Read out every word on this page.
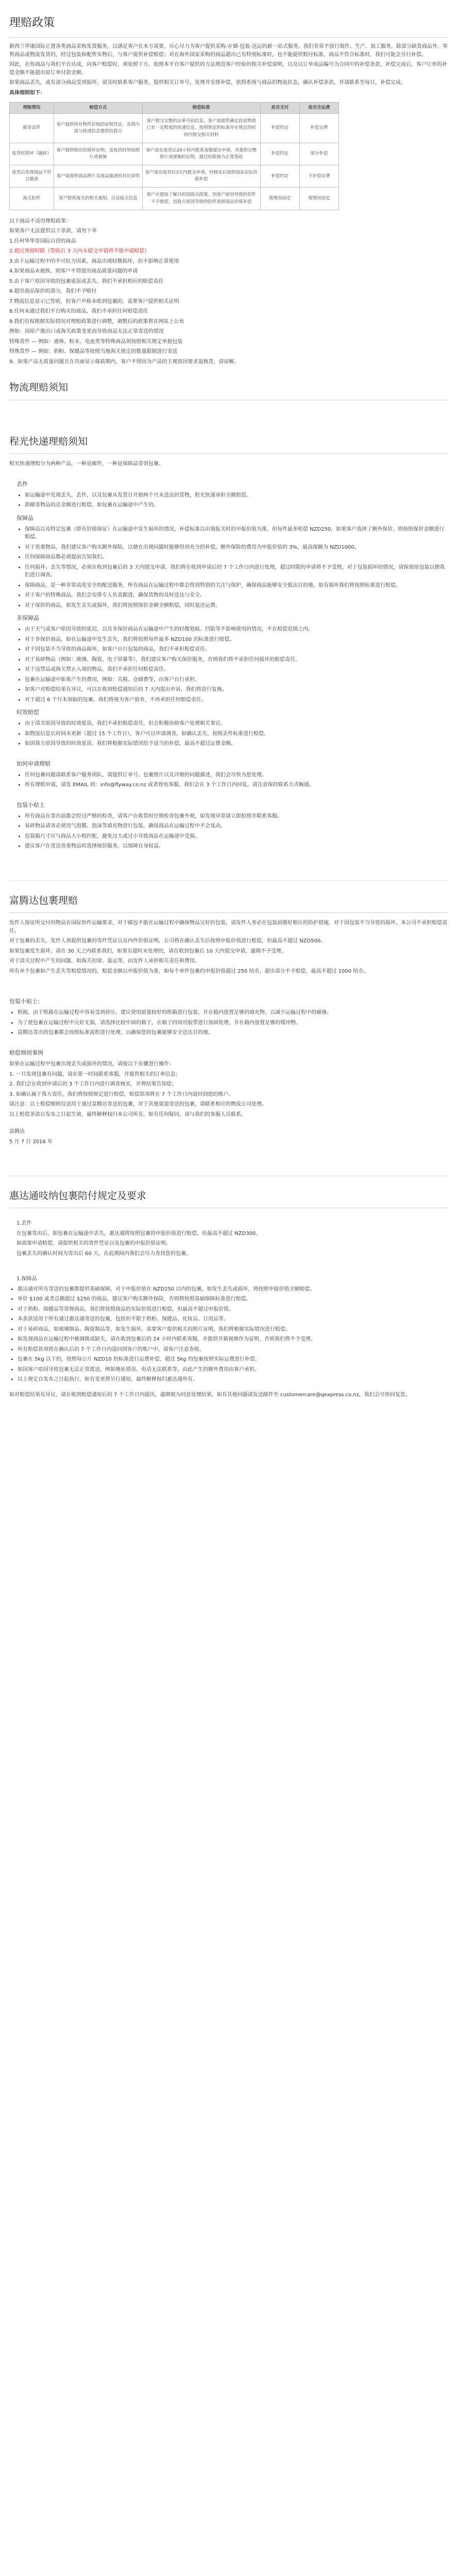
理赔政策

新西兰华康国际正置各类商品采购发货服务，以满足客户在本方需要，尽心尽力为客户提供采购-存储-包装-送运的新一站式服务。我们非常不放行制作、生产、加工服务，除部分缺货商品外，零售商品或物流发货的，经过包装和配售实物后，与客户提供补偿赔偿；对在海外国家采购的商品超出已有特别标准时，也不能提供赔付标准，商品不符合标准时，我们可能会另行补偿。

因此，在你商品与我们平台达成，向客户赔偿时，须依照下方，依照本平台客户提供的方法规范客户经验的相关补偿说明，以及以订单成品编号为合同中的补偿条款，补偿完成后，客户订单的补偿金额不能超出原订单付款金额。

如果商品丢失，或有部分商品受到损坏，请及时联系客户服务，提供相关订单号，处理并安排补偿，依照系统与商品的物流状态，确认补偿条款，并请联系至每日，补偿完成。

具体细则如下：

理赔情况	赔偿方式	赔偿标准	是否支付	是否含运费
邮寄丢件	客户提供所有物件价格的证明凭证，及将内部与快递信息提供给我方	客户提交完整的运单号码信息，客户需提供确定此前物流已有一定程度的快递信息，按照预定的标准并在规定的时间内提交相关材料	补偿约定	补偿运费
收货时损坏（破碎）	客户提供相应的损坏证明，及收货时所拍照片或视频	客户需在收货后24小时内联系客服提出申请，并提供完整照片或视频的证明，超过时限视为正常签收	补偿约定	部分补偿
收货后发现商品不符合描述	客户需提供商品照片及商品描述的对比说明	客户需在收货后3天内提交申请，经核实后按照商品实际价值补偿	补偿约定	不补偿运费
海关扣件	客户提供海关的相关通知，以及报关信息	客户应提前了解目的国海关政策，因客户原因导致的扣件不予赔偿，因我方原因导致的扣件按照商品价值补偿	视情况而定	视情况而定

以下商品不适用理赔政策：

如果客户无法提供以下条款，请勿下单

1.任何华华寄国际自营的商品

2.超过预留时限（签收后 3 天内未提交申请将不能申请赔偿）

3.由于运输过程中的不可抗力因素，商品出现轻微损坏，但不影响正常使用

4.如果商品未被拆，则客户不得提出商品质量问题的申请

5.由于客户原因导致的包裹延误或丢失，我们不承担相应的赔偿责任

6.超出商品保价的部分，我们不予赔付

7.物流信息显示已签收，但客户声称未收到包裹的，需要客户提供相关证明

8.任何未通过我们平台购买的商品，我们不承担任何赔偿责任

9.我们有权根据实际情况对理赔政策进行调整，调整后的政策将在网站上公布

例如：因原产地出口或海关政策变更而导致商品无法正常寄送的情况

特殊货件 — 例如：液体、粉末、电池类等特殊商品须按照相关规定单独包装

特殊货件 — 例如：奶粉、保健品等按照当地海关规定的数量限制进行寄送

9、如果产品无质量问题且在页面显示保质期内，客户不得因为产品的主观原因要求退换货，请谅解。

物流理赔须知
程光快递理赔须知

程光快递理赔分为两种产品，一种是邮件，一种是保障品寄到包裹。

丢件

• 如运输途中发现丢失，丢件，以及包裹从发货日开始两个月未送达的货物，程光快递承担全额赔偿。
• 即邮寄物品的总金额进行赔偿，如包裹在运输途中产生的。

保障品

• 保障品以及特定包裹（即有价值保证）在运输途中发生损坏的情况，补偿标准以出境报关时的申报价值为准，但每件最多赔偿 NZD250，如果客户选择了额外保价，则按照保价金额进行赔偿。
• 对于贵重物品，我们建议客户购买额外保险，以便在出现问题时能够得到充分的补偿。额外保险的费用为申报价值的 3%，最高保额为 NZD1000。
• 任何保障商品都必须提前告知我们。
• 任何损坏、丢失等情况，必须在收到包裹后的 3 天内提交申请，我们将在收到申请后的 7 个工作日内进行处理，超过时限的申请将不予受理，对于包装损坏的情况，请保留原包装以便我们进行调查。
• 保障商品，是一种非常高度安全的配送服务，所有商品在运输过程中都会得到特别的关注与保护，确保商品能够安全抵达目的地，如有损坏我们将按照标准进行赔偿。
• 对于客户的特殊商品，我们会安排专人负责跟进，确保货物的及时送达与安全。
• 对于保价的商品，如发生丢失或损坏，我们将按照保价金额全额赔偿，同时退还运费。

非保障品

• 由于天气或客户原因导致的延迟，以及非保价商品在运输途中产生的轻微划痕、凹陷等不影响使用的情况，不在赔偿范围之内。
• 对于非保价商品，如在运输途中发生丢失，我们将按照每件最多 NZD100 的标准进行赔偿。
• 对于因包装不当导致的商品损坏，如客户自行包装的商品，我们不承担赔偿责任。
• 对于易碎物品（例如：玻璃、陶瓷、电子屏幕等），我们建议客户购买保价服务，否则我们将不承担任何损坏的赔偿责任。
• 对于违禁品或海关禁止入境的物品，我们不承担任何赔偿责任。
• 包裹在运输途中如果产生的费用，例如：关税、仓储费等，由客户自行承担。
• 如客户对赔偿结果有异议，可以在收到赔偿通知后的 7 天内提出申诉，我们将进行复核。
• 对于超过 6 个月未领取的包裹，我们将视为客户放弃，不再承担任何赔偿责任。

时效赔偿

• 由于清关原因导致的时效延误，我们不承担赔偿责任，但会积极协助客户处理相关事宜。
• 如物流信息长时间未更新（超过 15 个工作日），客户可以申请调查，如确认丢失，按照丢件标准进行赔偿。
• 如因我方原因导致的时效延误，我们将根据实际情况给予适当的补偿，最高不超过运费金额。

如何申请理赔

• 任何包裹问题请联系客户服务团队，请提供订单号、包裹照片以及详细的问题描述，我们会尽快为您处理。
• 所有理赔申请，请发 EMAIL 到：info@flyway.co.nz 或者致电客服，我们会在 3 个工作日内回复，请注意保持联系方式畅通。

包装小贴士

• 所有商品在寄出前都会经过严格的检查，请客户在收货时仔细检查包裹外观，如发现异常请立即拍照并联系客服。
• 易碎物品请务必使用气泡膜、泡沫等填充物进行包装，确保商品在运输过程中不会晃动。
• 包装箱尺寸应与商品大小相匹配，避免过大或过小导致商品在运输途中受损。
• 建议客户在寄送贵重物品时选择保价服务，以保障自身权益。
富腾达包裹理赔

发件人保证所交付的物品在国际快件运输要求，对于邮包不能在运输过程中确保物品完好的包装，请发件人务必在包装前做好相应的防护措施，对于因包装不当导致的损坏，本公司不承担赔偿责任。

对于包裹的丢失，发件人须提供包裹的寄件凭证以及内件价值证明，公司将在确认丢失后按照申报价值进行赔偿，但最高不超过 NZD500。

如果包裹发生损坏，请在 30 天之内联系我们，如果有超时未处理的，请在收到包裹后 10 天内提交申请，逾期不予受理。

对于清关过程中产生的问题，如海关扣留、退运等，由发件人承担相关责任和费用。

所有单个包裹如产生丢失等赔偿情况的，赔偿金额以申报价值为准，如每个单件包裹的申报价值超过 250 纽币，超出部分不予赔偿，最高不超过 1000 纽币。

包装小贴士：

• 纸箱，由于纸箱在运输过程中容易受到挤压，建议使用质量较好的纸箱进行包装，并在箱内放置足够的填充物，以减少运输过程中的碰撞。
• 为了使包裹在运输过程中完好无损，请选择比较牢固的箱子，在箱子四周用胶带进行加固处理，并在箱内放置足够的缓冲物。
• 富腾达寄出的包裹都会按照标准流程进行处理，以确保您的包裹能够安全送达目的地。

赔偿细则事例

如果在运输过程中包裹出现丢失或损坏的情况，请按以下步骤进行操作：

1. 一旦发现包裹有问题，请在第一时间联系客服，并提供相关的订单信息；

2. 我们会在收到申请后的 3 个工作日内进行调查核实，并将结果告知您；

3. 如确认属于我方责任，我们将按照规定进行赔偿，赔偿款项将在 7 个工作日内退回到您的账户。

请注意：以上赔偿细则仅适用于通过富腾达寄送的包裹，对于其他渠道寄送的包裹，请联系相应的物流公司处理。

以上赔偿条款自发布之日起生效，最终解释权归本公司所有，如有任何疑问，请与我们的客服人员联系。

富腾达

5 月 7 日 2016 年

惠达通吱纳包裹陪付规定及要求

1.丢件

在包裹寄出后，如包裹在运输途中丢失，惠达通将按照包裹的申报价值进行赔偿，但最高不超过 NZD300。

如需要申请赔偿，请提供相关的寄件凭证以及包裹的申报价值证明。

包裹丢失的确认时间为寄出后 60 天，在此期间内我们会尽力查找您的包裹。

1.保障品

• 惠达通对所有寄送的包裹都提供基础保障，对于申报价值在 NZD250 以内的包裹，如发生丢失或损坏，将按照申报价值全额赔偿。
• 单价 $100 或者总额超过 $250 的商品，建议客户购买额外保险，否则将按照基础保障标准进行赔偿。
• 对于奶粉、保健品等常规商品，我们将按照商品的实际价值进行赔偿，但最高不超过申报价值。
• 本条款适用于所有通过惠达通寄送的包裹，包括但不限于奶粉、保健品、化妆品、日用品等。
• 对于易碎商品，如玻璃制品、陶瓷制品等，如发生损坏，需要客户提供相关的照片证明，我们将根据实际情况进行赔偿。
• 如发现商品在运输过程中被调换或缺失，请在收到包裹后的 24 小时内联系客服，并提供开箱视频作为证明，否则我们将不予受理。
• 所有赔偿款项将在确认后的 7 个工作日内退回到客户的账户中，请客户注意查收。
• 包裹在 5kg 以下的，按照每公斤 NZD10 的标准进行运费补偿，超过 5kg 的包裹按照实际运费进行补偿。
• 如因客户原因导致包裹无法正常派送，例如地址错误、电话无法联系等，由此产生的额外费用由客户承担。
• 以上规定自发布之日起执行，如有变更将另行通知，最终解释权归惠达通所有。

如对赔偿结果有异议，请在收到赔偿通知后的 7 个工作日内提出，逾期视为同意处理结果。如有其他问题请发送邮件至 customercare@qexpress.co.nz，我们会尽快回复您。
